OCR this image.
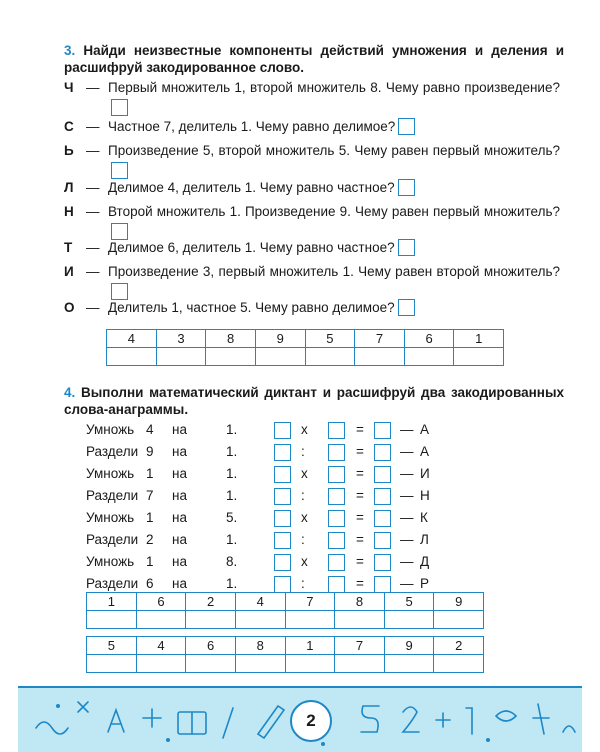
3. Найди неизвестные компоненты действий умножения и деления и расшифруй закодированное слово.
Ч — Первый множитель 1, второй множитель 8. Чему равно произведение?
С — Частное 7, делитель 1. Чему равно делимое?
Ь — Произведение 5, второй множитель 5. Чему равен первый множитель?
Л — Делимое 4, делитель 1. Чему равно частное?
Н — Второй множитель 1. Произведение 9. Чему равен первый множитель?
Т	— Делимое 6, делитель 1. Чему равно частное?
И — Произведение 3, первый множитель 1. Чему равен второй множитель?
О — Делитель 1, частное 5. Чему равно делимое?
4	3	8	9	5	7	6	1

4. Выполни математический диктант и расшифруй два закодированных слова-анаграммы.
Умножь 4 на	1.	x	=	— А
Раздели 9 на	1.	:	=	— А
Умножь 1 на	1.	x	=	— И
Раздели 7 на	1.	:	=	— Н
Умножь 1 на	5.	x	=	— К
Раздели 2 на	1.	:	=	— Л
Умножь 1 на	8.	x	=	— Д
Раздели 6 на	1.	:	=	— Р
1	6	2	4	7	8	5	9

5	4	6	8	1	7	9	2

2
